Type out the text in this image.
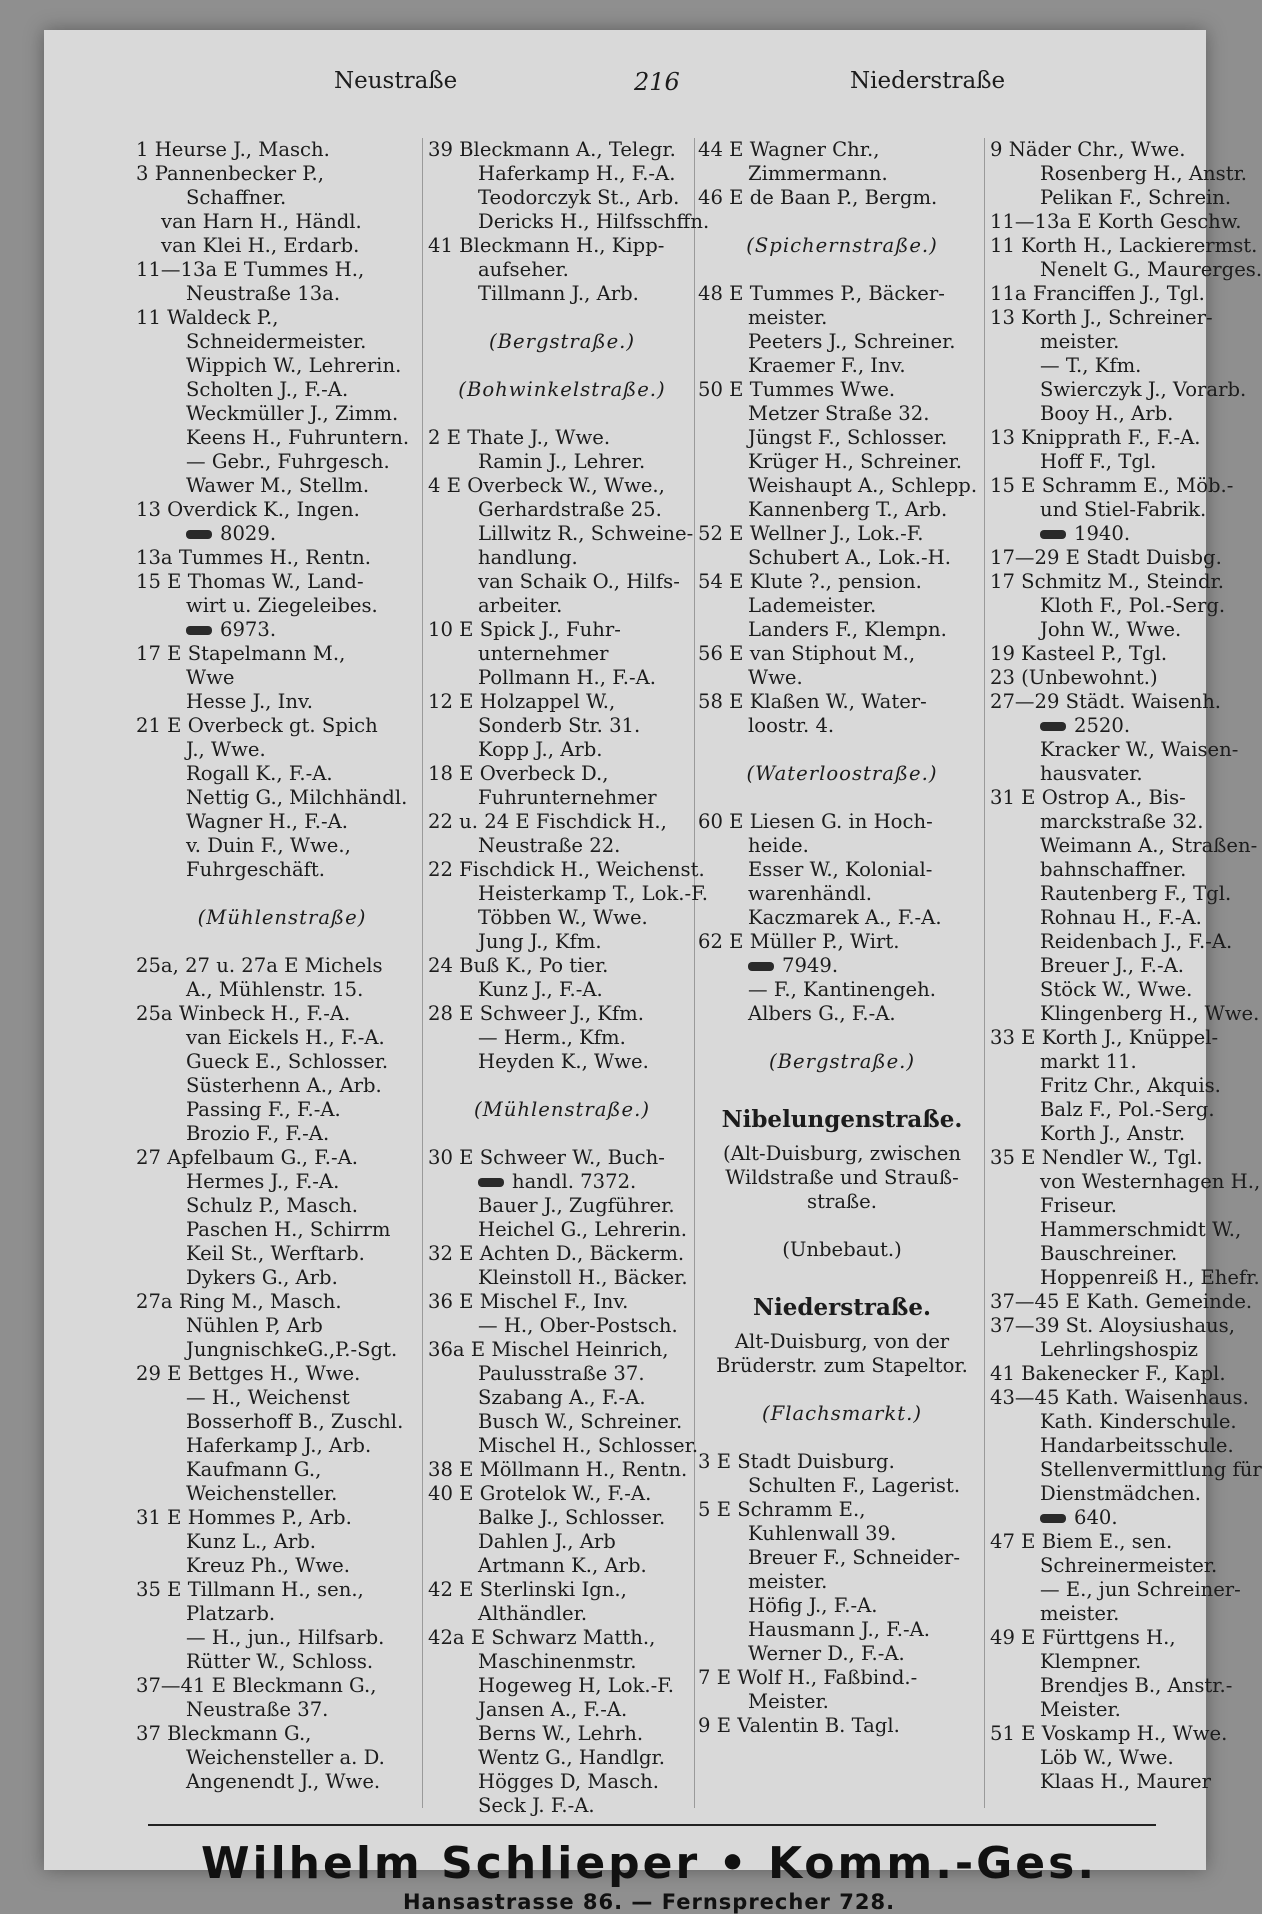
Neustraße	216	Niederstraße
1 Heurse J., Masch.
3 Pannenbecker P.,
Schaffner.
van Harn H., Händl.
van Klei H., Erdarb.
11—13a E Tummes H.,
Neustraße 13a.
11 Waldeck P.,
Schneidermeister.
Wippich W., Lehrerin.
Scholten J., F.-A.
Weckmüller J., Zimm.
Keens H., Fuhruntern.
— Gebr., Fuhrgesch.
Wawer M., Stellm.
13 Overdick K., Ingen.
8029.
13a Tummes H., Rentn.
15 E Thomas W., Land-
wirt u. Ziegeleibes.
6973.
17 E Stapelmann M.,
Wwe
Hesse J., Inv.
21 E Overbeck gt. Spich
J., Wwe.
Rogall K., F.-A.
Nettig G., Milchhändl.
Wagner H., F.-A.
v. Duin F., Wwe.,
Fuhrgeschäft.
(Mühlenstraße)
25a, 27 u. 27a E Michels
A., Mühlenstr. 15.
25a Winbeck H., F.-A.
van Eickels H., F.-A.
Gueck E., Schlosser.
Süsterhenn A., Arb.
Passing F., F.-A.
Brozio F., F.-A.
27 Apfelbaum G., F.-A.
Hermes J., F.-A.
Schulz P., Masch.
Paschen H., Schirrm
Keil St., Werftarb.
Dykers G., Arb.
27a Ring M., Masch.
Nühlen P, Arb
JungnischkeG.,P.-Sgt.
29 E Bettges H., Wwe.
— H., Weichenst
Bosserhoff B., Zuschl.
Haferkamp J., Arb.
Kaufmann G.,
Weichensteller.
31 E Hommes P., Arb.
Kunz L., Arb.
Kreuz Ph., Wwe.
35 E Tillmann H., sen.,
Platzarb.
— H., jun., Hilfsarb.
Rütter W., Schloss.
37—41 E Bleckmann G.,
Neustraße 37.
37 Bleckmann G.,
Weichensteller a. D.
Angenendt J., Wwe.
39 Bleckmann A., Telegr.
Haferkamp H., F.-A.
Teodorczyk St., Arb.
Dericks H., Hilfsschffn.
41 Bleckmann H., Kipp-
aufseher.
Tillmann J., Arb.
(Bergstraße.)
(Bohwinkelstraße.)
2 E Thate J., Wwe.
Ramin J., Lehrer.
4 E Overbeck W., Wwe.,
Gerhardstraße 25.
Lillwitz R., Schweine-
handlung.
van Schaik O., Hilfs-
arbeiter.
10 E Spick J., Fuhr-
unternehmer
Pollmann H., F.-A.
12 E Holzappel W.,
Sonderb Str. 31.
Kopp J., Arb.
18 E Overbeck D.,
Fuhrunternehmer
22 u. 24 E Fischdick H.,
Neustraße 22.
22 Fischdick H., Weichenst.
Heisterkamp T., Lok.-F.
Többen W., Wwe.
Jung J., Kfm.
24 Buß K., Po tier.
Kunz J., F.-A.
28 E Schweer J., Kfm.
— Herm., Kfm.
Heyden K., Wwe.
(Mühlenstraße.)
30 E Schweer W., Buch-
handl. 7372.
Bauer J., Zugführer.
Heichel G., Lehrerin.
32 E Achten D., Bäckerm.
Kleinstoll H., Bäcker.
36 E Mischel F., Inv.
— H., Ober-Postsch.
36a E Mischel Heinrich,
Paulusstraße 37.
Szabang A., F.-A.
Busch W., Schreiner.
Mischel H., Schlosser.
38 E Möllmann H., Rentn.
40 E Grotelok W., F.-A.
Balke J., Schlosser.
Dahlen J., Arb
Artmann K., Arb.
42 E Sterlinski Ign.,
Althändler.
42a E Schwarz Matth.,
Maschinenmstr.
Hogeweg H, Lok.-F.
Jansen A., F.-A.
Berns W., Lehrh.
Wentz G., Handlgr.
Högges D, Masch.
Seck J. F.-A.
44 E Wagner Chr.,
Zimmermann.
46 E de Baan P., Bergm.
(Spichernstraße.)
48 E Tummes P., Bäcker-
meister.
Peeters J., Schreiner.
Kraemer F., Inv.
50 E Tummes Wwe.
Metzer Straße 32.
Jüngst F., Schlosser.
Krüger H., Schreiner.
Weishaupt A., Schlepp.
Kannenberg T., Arb.
52 E Wellner J., Lok.-F.
Schubert A., Lok.-H.
54 E Klute ?., pension.
Lademeister.
Landers F., Klempn.
56 E van Stiphout M.,
Wwe.
58 E Klaßen W., Water-
loostr. 4.
(Waterloostraße.)
60 E Liesen G. in Hoch-
heide.
Esser W., Kolonial-
warenhändl.
Kaczmarek A., F.-A.
62 E Müller P., Wirt.
7949.
— F., Kantinengeh.
Albers G., F.-A.
(Bergstraße.)
Nibelungenstraße.
(Alt-Duisburg, zwischen
Wildstraße und Strauß-
straße.
(Unbebaut.)
Niederstraße.
Alt-Duisburg, von der
Brüderstr. zum Stapeltor.
(Flachsmarkt.)
3 E Stadt Duisburg.
Schulten F., Lagerist.
5 E Schramm E.,
Kuhlenwall 39.
Breuer F., Schneider-
meister.
Höfig J., F.-A.
Hausmann J., F.-A.
Werner D., F.-A.
7 E Wolf H., Faßbind.-
Meister.
9 E Valentin B. Tagl.
9 Näder Chr., Wwe.
Rosenberg H., Anstr.
Pelikan F., Schrein.
11—13a E Korth Geschw.
11 Korth H., Lackierermst.
Nenelt G., Maurerges.
11a Franciffen J., Tgl.
13 Korth J., Schreiner-
meister.
— T., Kfm.
Swierczyk J., Vorarb.
Booy H., Arb.
13 Knipprath F., F.-A.
Hoff F., Tgl.
15 E Schramm E., Möb.-
und Stiel-Fabrik.
1940.
17—29 E Stadt Duisbg.
17 Schmitz M., Steindr.
Kloth F., Pol.-Serg.
John W., Wwe.
19 Kasteel P., Tgl.
23 (Unbewohnt.)
27—29 Städt. Waisenh.
2520.
Kracker W., Waisen-
hausvater.
31 E Ostrop A., Bis-
marckstraße 32.
Weimann A., Straßen-
bahnschaffner.
Rautenberg F., Tgl.
Rohnau H., F.-A.
Reidenbach J., F.-A.
Breuer J., F.-A.
Stöck W., Wwe.
Klingenberg H., Wwe.
33 E Korth J., Knüppel-
markt 11.
Fritz Chr., Akquis.
Balz F., Pol.-Serg.
Korth J., Anstr.
35 E Nendler W., Tgl.
von Westernhagen H.,
Friseur.
Hammerschmidt W.,
Bauschreiner.
Hoppenreiß H., Ehefr.
37—45 E Kath. Gemeinde.
37—39 St. Aloysiushaus,
Lehrlingshospiz
41 Bakenecker F., Kapl.
43—45 Kath. Waisenhaus.
Kath. Kinderschule.
Handarbeitsschule.
Stellenvermittlung für
Dienstmädchen.
640.
47 E Biem E., sen.
Schreinermeister.
— E., jun Schreiner-
meister.
49 E Fürttgens H.,
Klempner.
Brendjes B., Anstr.-
Meister.
51 E Voskamp H., Wwe.
Löb W., Wwe.
Klaas H., Maurer
Wilhelm Schlieper • Komm.-Ges.
Hansastrasse 86. — Fernsprecher 728.
